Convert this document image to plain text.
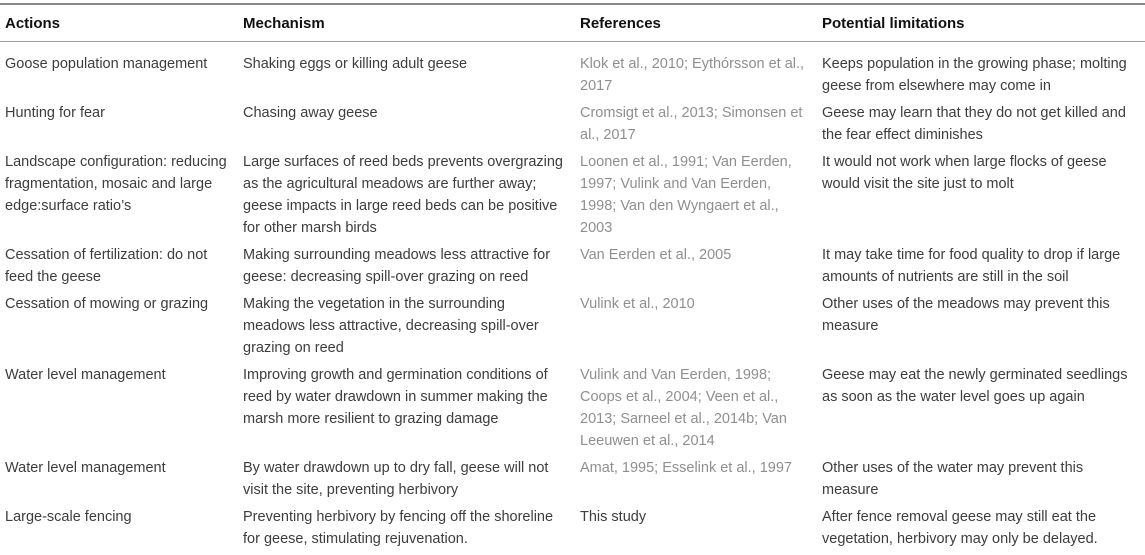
Actions	Mechanism	References	Potential limitations
Goose population management	Shaking eggs or killing adult geese	Klok et al., 2010; Eythórsson et al., 2017	Keeps population in the growing phase; molting geese from elsewhere may come in
Hunting for fear	Chasing away geese	Cromsigt et al., 2013; Simonsen et al., 2017	Geese may learn that they do not get killed and the fear effect diminishes
Landscape configuration: reducing fragmentation, mosaic and large edge:surface ratio’s	Large surfaces of reed beds prevents overgrazing as the agricultural meadows are further away; geese impacts in large reed beds can be positive for other marsh birds	Loonen et al., 1991; Van Eerden, 1997; Vulink and Van Eerden, 1998; Van den Wyngaert et al., 2003	It would not work when large flocks of geese would visit the site just to molt
Cessation of fertilization: do not feed the geese	Making surrounding meadows less attractive for geese: decreasing spill-over grazing on reed	Van Eerden et al., 2005	It may take time for food quality to drop if large amounts of nutrients are still in the soil
Cessation of mowing or grazing	Making the vegetation in the surrounding meadows less attractive, decreasing spill-over grazing on reed	Vulink et al., 2010	Other uses of the meadows may prevent this measure
Water level management	Improving growth and germination conditions of reed by water drawdown in summer making the marsh more resilient to grazing damage	Vulink and Van Eerden, 1998; Coops et al., 2004; Veen et al., 2013; Sarneel et al., 2014b; Van Leeuwen et al., 2014	Geese may eat the newly germinated seedlings as soon as the water level goes up again
Water level management	By water drawdown up to dry fall, geese will not visit the site, preventing herbivory	Amat, 1995; Esselink et al., 1997	Other uses of the water may prevent this measure
Large-scale fencing	Preventing herbivory by fencing off the shoreline for geese, stimulating rejuvenation.	This study	After fence removal geese may still eat the vegetation, herbivory may only be delayed.
